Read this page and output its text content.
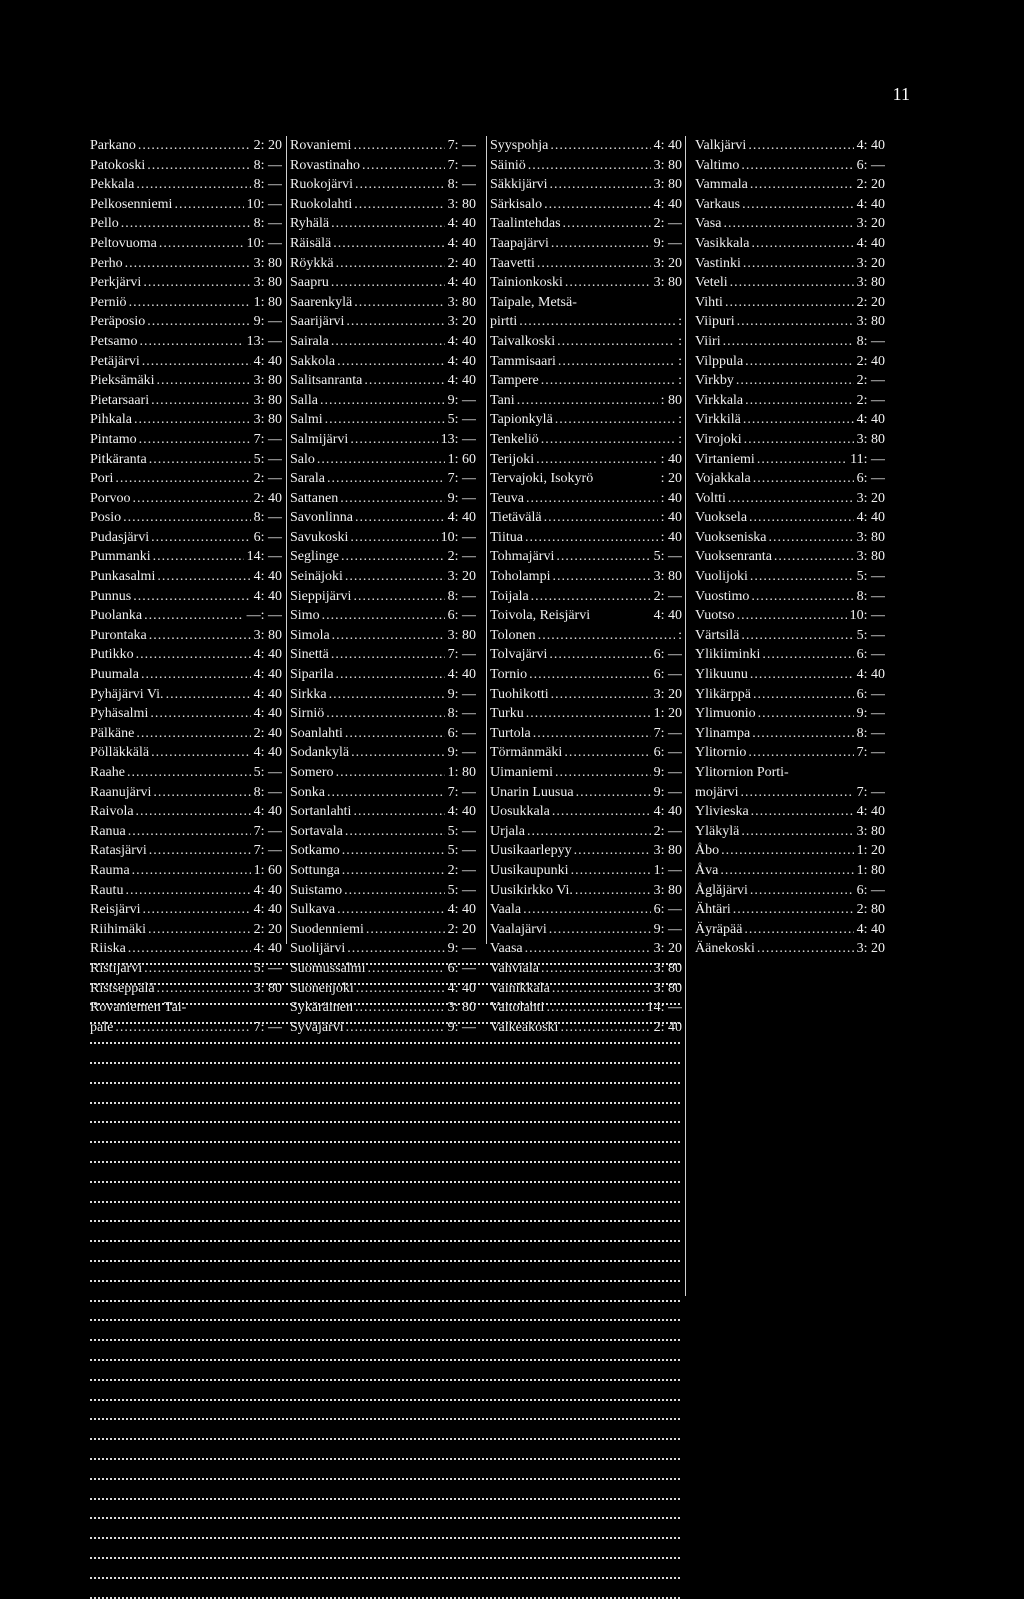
11
Parkano .....	2: 20
Patokoski .....	8: —
Pekkala .....	8: —
Pelkosenniemi .....	10: —
Pello .....	8: —
Peltovuoma .....	10: —
Perho .....	3: 80
Perkjärvi .....	3: 80
Perniö .....	1: 80
Peräposio .....	9: —
Petsamo .....	13: —
Petäjärvi .....	4: 40
Pieksämäki .....	3: 80
Pietarsaari .....	3: 80
Pihkala .....	3: 80
Pintamo .....	7: —
Pitkäranta .....	5: —
Pori .....	2: —
Porvoo .....	2: 40
Posio .....	8: —
Pudasjärvi .....	6: —
Pummanki .....	14: —
Punkasalmi .....	4: 40
Punnus .....	4: 40
Puolanka .....	—: —
Purontaka .....	3: 80
Putikko .....	4: 40
Puumala .....	4: 40
Pyhäjärvi Vi. .....	4: 40
Pyhäsalmi .....	4: 40
Pälkäne .....	2: 40
Pölläkkälä .....	4: 40
Raahe .....	5: —
Raanujärvi .....	8: —
Raivola .....	4: 40
Ranua .....	7: —
Ratasjärvi .....	7: —
Rauma .....	1: 60
Rautu .....	4: 40
Reisjärvi .....	4: 40
Riihimäki .....	2: 20
Riiska .....	4: 40
Ristijärvi .....	5: —
Ristseppälä .....	3: 80
Rovaniemen Tai-
pale .....	7: —
Rovaniemi .....	7: —
Rovastinaho .....	7: —
Ruokojärvi .....	8: —
Ruokolahti .....	3: 80
Ryhälä .....	4: 40
Räisälä .....	4: 40
Röykkä .....	2: 40
Saapru .....	4: 40
Saarenkylä .....	3: 80
Saarijärvi .....	3: 20
Sairala .....	4: 40
Sakkola .....	4: 40
Salitsanranta .....	4: 40
Salla .....	9: —
Salmi .....	5: —
Salmijärvi .....	13: —
Salo .....	1: 60
Sarala .....	7: —
Sattanen .....	9: —
Savonlinna .....	4: 40
Savukoski .....	10: —
Seglinge .....	2: —
Seinäjoki .....	3: 20
Sieppijärvi .....	8: —
Simo .....	6: —
Simola .....	3: 80
Sinettä .....	7: —
Siparila .....	4: 40
Sirkka .....	9: —
Sirniö .....	8: —
Soanlahti .....	6: —
Sodankylä .....	9: —
Somero .....	1: 80
Sonka .....	7: —
Sortanlahti .....	4: 40
Sortavala .....	5: —
Sotkamo .....	5: —
Sottunga .....	2: —
Suistamo .....	5: —
Sulkava .....	4: 40
Suodenniemi .....	2: 20
Suolijärvi .....	9: —
Suomussalmi .....	6: —
Suonenjoki .....	4: 40
Sykäräinen .....	3: 80
Syväjärvi .....	9: —
Syyspohja .....	4: 40
Säiniö .....	3: 80
Säkkijärvi .....	3: 80
Särkisalo .....	4: 40
Taalintehdas .....	2: —
Taapajärvi .....	9: —
Taavetti .....	3: 20
Tainionkoski .....	3: 80
Taipale, Metsä-
pirtti .....	:
Taivalkoski .....	:
Tammisaari .....	:
Tampere .....	:
Tani .....	: 80
Tapionkylä .....	:
Tenkeliö .....	:
Terijoki .....	: 40
Tervajoki, Isokyrö	: 20
Teuva .....	: 40
Tietävälä .....	: 40
Tiitua .....	: 40
Tohmajärvi .....	5: —
Toholampi .....	3: 80
Toijala .....	2: —
Toivola, Reisjärvi	4: 40
Tolonen .....	:
Tolvajärvi .....	6: —
Tornio .....	6: —
Tuohikotti .....	3: 20
Turku .....	1: 20
Turtola .....	7: —
Törmänmäki .....	6: —
Uimaniemi .....	9: —
Unarin Luusua .....	9: —
Uosukkala .....	4: 40
Urjala .....	2: —
Uusikaarlepyy .....	3: 80
Uusikaupunki .....	1: —
Uusikirkko Vi. .....	3: 80
Vaala .....	6: —
Vaalajärvi .....	9: —
Vaasa .....	3: 20
Vahviala .....	3: 80
Vainikkala .....	3: 80
Vaitolahti .....	14: —
Valkeakoski .....	2: 40
Valkjärvi .....	4: 40
Valtimo .....	6: —
Vammala .....	2: 20
Varkaus .....	4: 40
Vasa .....	3: 20
Vasikkala .....	4: 40
Vastinki .....	3: 20
Veteli .....	3: 80
Vihti .....	2: 20
Viipuri .....	3: 80
Viiri .....	8: —
Vilppula .....	2: 40
Virkby .....	2: —
Virkkala .....	2: —
Virkkilä .....	4: 40
Virojoki .....	3: 80
Virtaniemi .....	11: —
Vojakkala .....	6: —
Voltti .....	3: 20
Vuoksela .....	4: 40
Vuokseniska .....	3: 80
Vuoksenranta .....	3: 80
Vuolijoki .....	5: —
Vuostimo .....	8: —
Vuotso .....	10: —
Värtsilä .....	5: —
Ylikiiminki .....	6: —
Ylikuunu .....	4: 40
Ylikärppä .....	6: —
Ylimuonio .....	9: —
Ylinampa .....	8: —
Ylitornio .....	7: —
Ylitornion Porti-
mojärvi .....	7: —
Ylivieska .....	4: 40
Yläkylä .....	3: 80
Åbo .....	1: 20
Åva .....	1: 80
Åglăjärvi .....	6: —
Ähtäri .....	2: 80
Äyräpää .....	4: 40
Äänekoski .....	3: 20
